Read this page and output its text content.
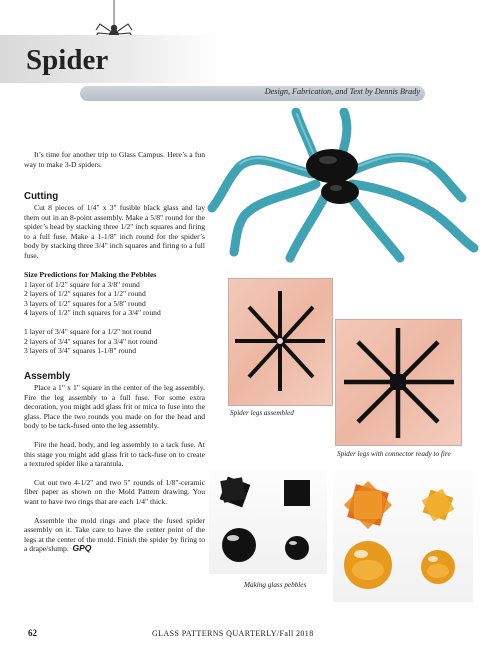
Spider
Design, Fabrication, and Text by Dennis Brady

It’s time for another trip to Glass Campus. Here’s a fun way to make 3-D spiders.

Cutting

Cut 8 pieces of 1/4" x 3" fusible black glass and lay them out in an 8-point assembly. Make a 5/8" round for the spider’s head by stacking three 1/2" inch squares and firing to a full fuse. Make a 1-1/8" inch round for the spider’s body by stacking three 3/4" inch squares and firing to a full fuse.

Size Predictions for Making the Pebbles
1 layer of 1/2" square for a 3/8" round
2 layers of 1/2" squares for a 1/2" round
3 layers of 1/2" squares for a 5/8" round
4 layers of 1/2" inch squares for a 3/4" round
1 layer of 3/4" square for a 1/2" not round
2 layers of 3/4" squares for a 3/4" not round
3 layers of 3/4" squares 1-1/8" round
Assembly

Place a 1" x 1" square in the center of the leg assembly. Fire the leg assembly to a full fuse. For some extra decoration, you might add glass frit or mica to fuse into the glass. Place the two rounds you made on for the head and body to be tack-fused onto the leg assembly.

Fire the head, body, and leg assembly to a tack fuse. At this stage you might add glass frit to tack-fuse on to create a textured spider like a tarantula.

Cut out two 4-1/2" and two 5" rounds of 1/8"-ceramic fiber paper as shown on the Mold Pattern drawing. You want to have two rings that are each 1/4" thick.

Assemble the mold rings and place the fused spider assembly on it. Take care to have the center point of the legs at the center of the mold. Finish the spider by firing to a drape/slump. GPQ

Spider legs assembled
Spider legs with connector ready to fire
Making glass pebbles
62	GLASS PATTERNS QUARTERLY/Fall 2018
